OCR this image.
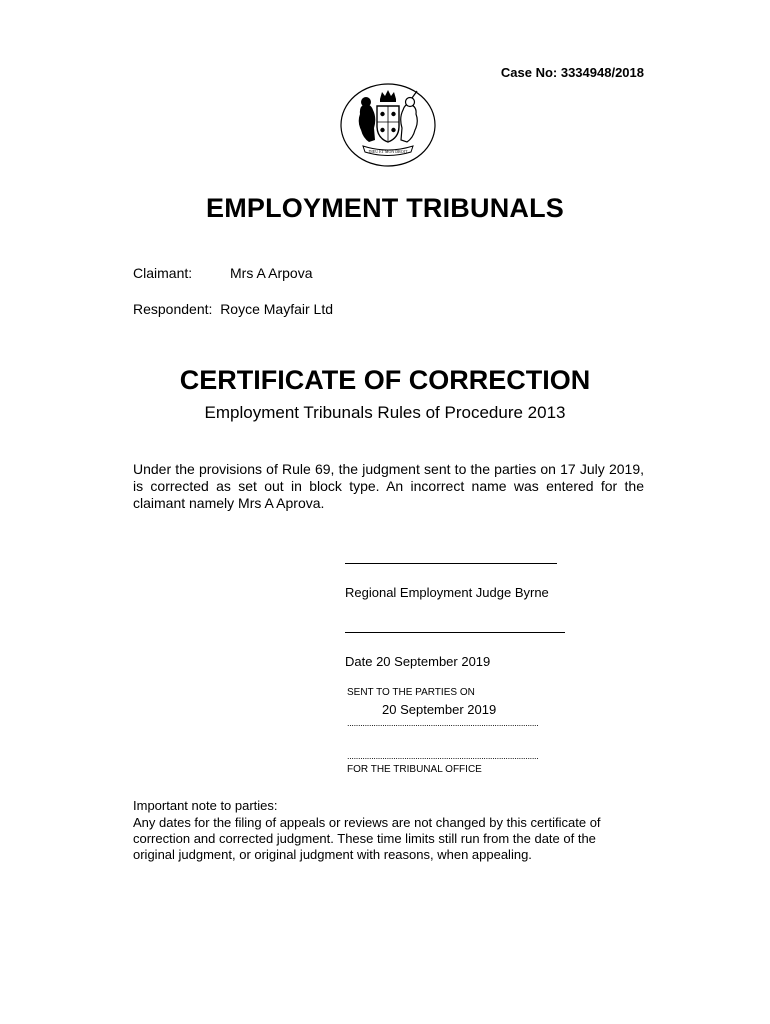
Case No: 3334948/2018
DIEU ET MON DROIT
EMPLOYMENT TRIBUNALS
Claimant:	Mrs A Arpova
Respondent: Royce Mayfair Ltd
CERTIFICATE OF CORRECTION
Employment Tribunals Rules of Procedure 2013
Under the provisions of Rule 69, the judgment sent to the parties on 17 July 2019, is corrected as set out in block type. An incorrect name was entered for the claimant namely Mrs A Aprova.
Regional Employment Judge Byrne
Date 20 September 2019
SENT TO THE PARTIES ON
20 September 2019
.......................................................................................
.......................................................................................
FOR THE TRIBUNAL OFFICE
Important note to parties:
Any dates for the filing of appeals or reviews are not changed by this certificate of correction and corrected judgment. These time limits still run from the date of the original judgment, or original judgment with reasons, when appealing.
